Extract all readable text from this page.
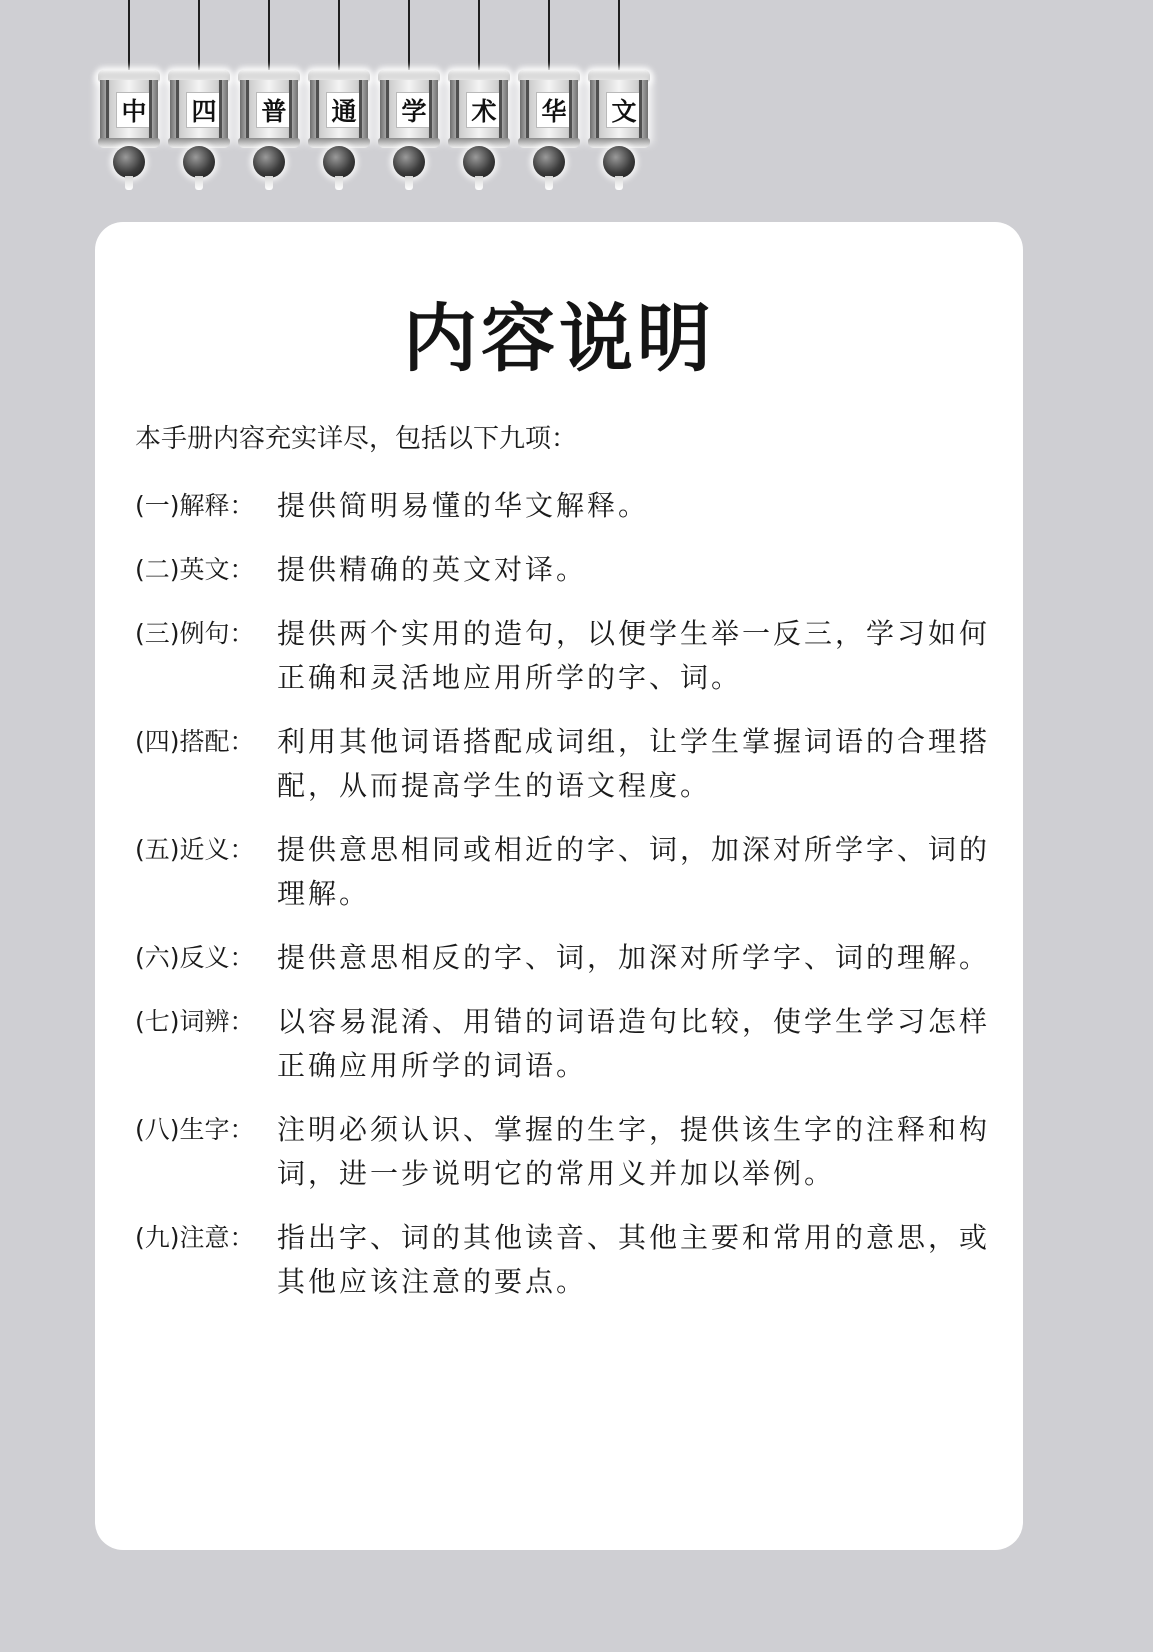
中 四 普 通 学 术 华 文
内容说明
本手册内容充实详尽，包括以下九项：
(一)解释： 提供简明易懂的华文解释。
(二)英文： 提供精确的英文对译。
(三)例句： 提供两个实用的造句，以便学生举一反三，学习如何正确和灵活地应用所学的字、词。
(四)搭配： 利用其他词语搭配成词组，让学生掌握词语的合理搭配，从而提高学生的语文程度。
(五)近义： 提供意思相同或相近的字、词，加深对所学字、词的理解。
(六)反义： 提供意思相反的字、词，加深对所学字、词的理解。
(七)词辨： 以容易混淆、用错的词语造句比较，使学生学习怎样正确应用所学的词语。
(八)生字： 注明必须认识、掌握的生字，提供该生字的注释和构词，进一步说明它的常用义并加以举例。
(九)注意： 指出字、词的其他读音、其他主要和常用的意思，或其他应该注意的要点。
